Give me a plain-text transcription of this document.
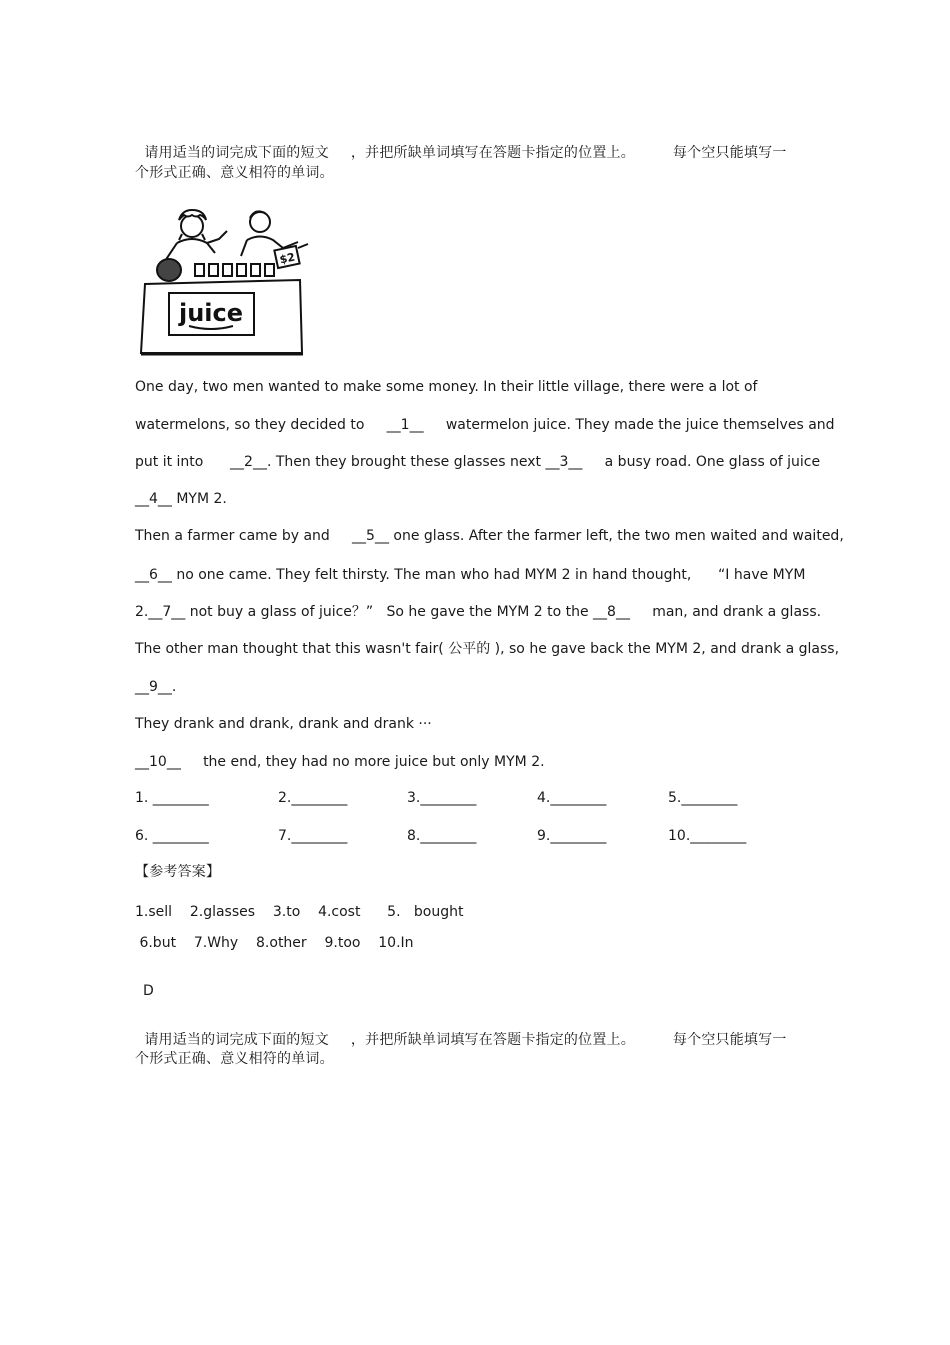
请用适当的词完成下面的短文 ，并把所缺单词填写在答题卡指定的位置上。	每个空只能填写一

个形式正确、意义相符的单词。
$2
juice
One day, two men wanted to make some money. In their little village, there were a lot of
watermelons, so they decided to     __1__     watermelon juice. They made the juice themselves and
put it into      __2__. Then they brought these glasses next __3__     a busy road. One glass of juice
__4__ MYM 2.
Then a farmer came by and     __5__ one glass. After the farmer left, the two men waited and waited,
__6__ no one came. They felt thirsty. The man who had MYM 2 in hand thought,      “I have MYM
2.__7__ not buy a glass of juice？”   So he gave the MYM 2 to the __8__     man, and drank a glass.
The other man thought that this wasn't fair( 公平的 ), so he gave back the MYM 2, and drank a glass,
__9__.
They drank and drank, drank and drank ···
__10__     the end, they had no more juice but only MYM 2.
1. ________	2.________	3.________	4.________	5.________
6. ________	7.________	8.________	9.________	10.________
【参考答案】
1.sell    2.glasses    3.to    4.cost      5.   bought
6.but    7.Why    8.other    9.too    10.In
D

请用适当的词完成下面的短文 ，并把所缺单词填写在答题卡指定的位置上。	每个空只能填写一

个形式正确、意义相符的单词。
